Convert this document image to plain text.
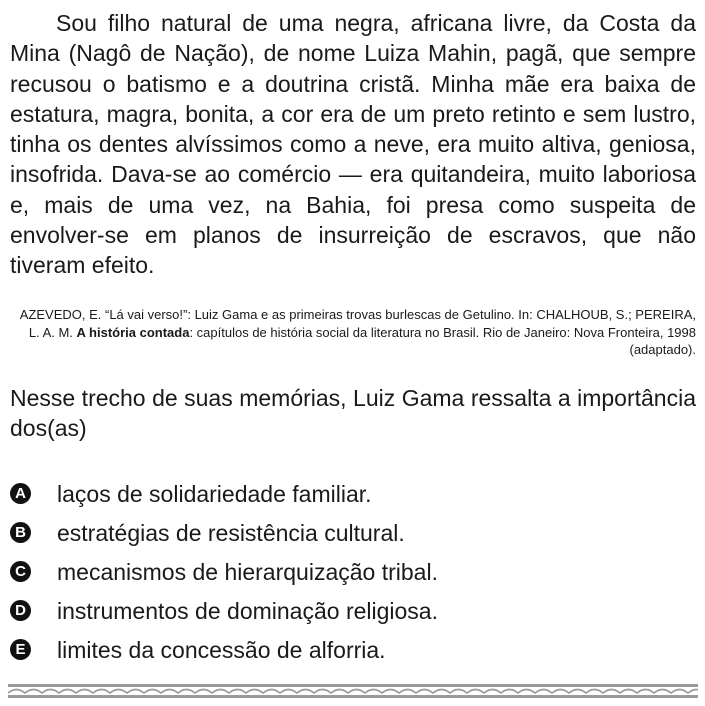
Sou filho natural de uma negra, africana livre, da Costa da Mina (Nagô de Nação), de nome Luiza Mahin, pagã, que sempre recusou o batismo e a doutrina cristã. Minha mãe era baixa de estatura, magra, bonita, a cor era de um preto retinto e sem lustro, tinha os dentes alvíssimos como a neve, era muito altiva, geniosa, insofrida. Dava-se ao comércio — era quitandeira, muito laboriosa e, mais de uma vez, na Bahia, foi presa como suspeita de envolver-se em planos de insurreição de escravos, que não tiveram efeito.

AZEVEDO, E. “Lá vai verso!”: Luiz Gama e as primeiras trovas burlescas de Getulino. In: CHALHOUB, S.; PEREIRA, L. A. M. A história contada: capítulos de história social da literatura no Brasil. Rio de Janeiro: Nova Fronteira, 1998 (adaptado).

Nesse trecho de suas memórias, Luiz Gama ressalta a importância dos(as)

A laços de solidariedade familiar.
B estratégias de resistência cultural.
C mecanismos de hierarquização tribal.
D instrumentos de dominação religiosa.
E limites da concessão de alforria.
